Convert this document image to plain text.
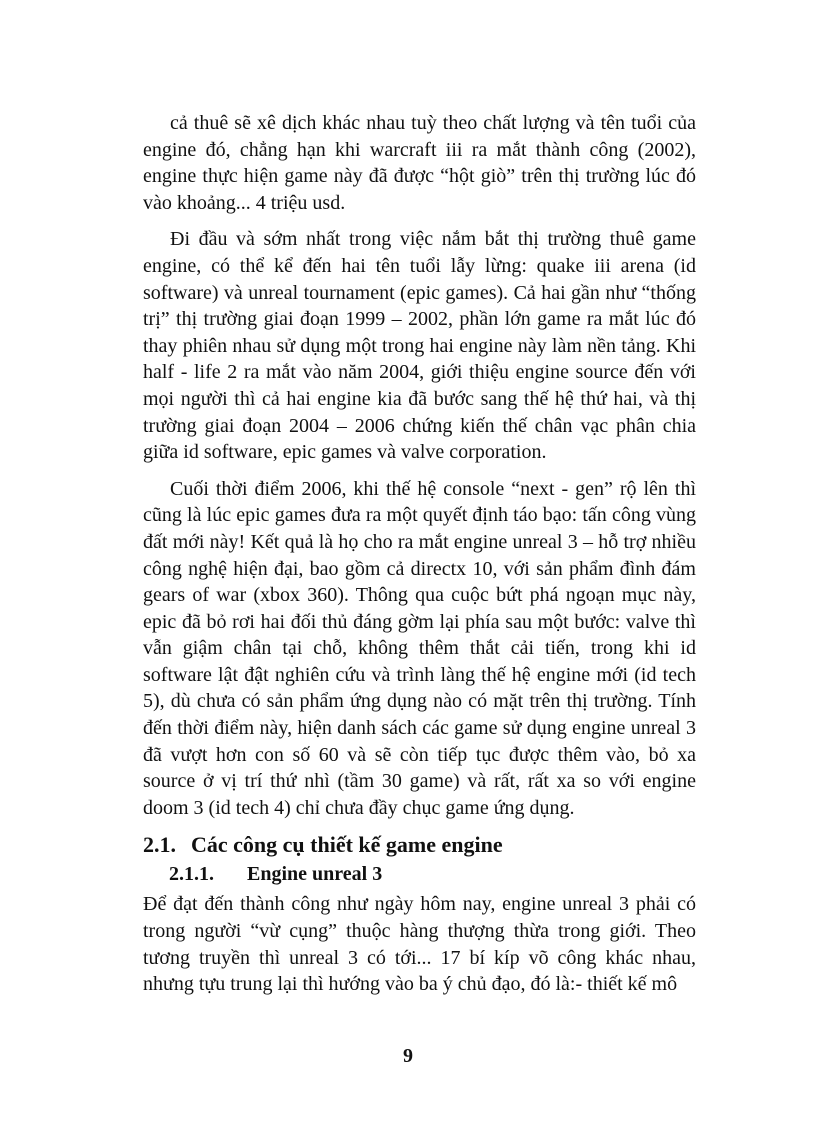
cả thuê sẽ xê dịch khác nhau tuỳ theo chất lượng và tên tuổi của engine đó, chẳng hạn khi warcraft iii ra mắt thành công (2002), engine thực hiện game này đã được “hột giò” trên thị trường lúc đó vào khoảng... 4 triệu usd.

Đi đầu và sớm nhất trong việc nắm bắt thị trường thuê game engine, có thể kể đến hai tên tuổi lẫy lừng: quake iii arena (id software) và unreal tournament (epic games). Cả hai gần như “thống trị” thị trường giai đoạn 1999 – 2002, phần lớn game ra mắt lúc đó thay phiên nhau sử dụng một trong hai engine này làm nền tảng. Khi half - life 2 ra mắt vào năm 2004, giới thiệu engine source đến với mọi người thì cả hai engine kia đã bước sang thế hệ thứ hai, và thị trường giai đoạn 2004 – 2006 chứng kiến thế chân vạc phân chia giữa id software, epic games và valve corporation.

Cuối thời điểm 2006, khi thế hệ console “next - gen” rộ lên thì cũng là lúc epic games đưa ra một quyết định táo bạo: tấn công vùng đất mới này! Kết quả là họ cho ra mắt engine unreal 3 – hỗ trợ nhiều công nghệ hiện đại, bao gồm cả directx 10, với sản phẩm đình đám gears of war (xbox 360). Thông qua cuộc bứt phá ngoạn mục này, epic đã bỏ rơi hai đối thủ đáng gờm lại phía sau một bước: valve thì vẫn giậm chân tại chỗ, không thêm thắt cải tiến, trong khi id software lật đật nghiên cứu và trình làng thế hệ engine mới (id tech 5), dù chưa có sản phẩm ứng dụng nào có mặt trên thị trường. Tính đến thời điểm này, hiện danh sách các game sử dụng engine unreal 3 đã vượt hơn con số 60 và sẽ còn tiếp tục được thêm vào, bỏ xa source ở vị trí thứ nhì (tầm 30 game) và rất, rất xa so với engine doom 3 (id tech 4) chỉ chưa đầy chục game ứng dụng.

2.1. Các công cụ thiết kế game engine
2.1.1. Engine unreal 3

Để đạt đến thành công như ngày hôm nay, engine unreal 3 phải có trong người “vừ cụng” thuộc hàng thượng thừa trong giới. Theo tương truyền thì unreal 3 có tới... 17 bí kíp võ công khác nhau, nhưng tựu trung lại thì hướng vào ba ý chủ đạo, đó là:- thiết kế mô

9
